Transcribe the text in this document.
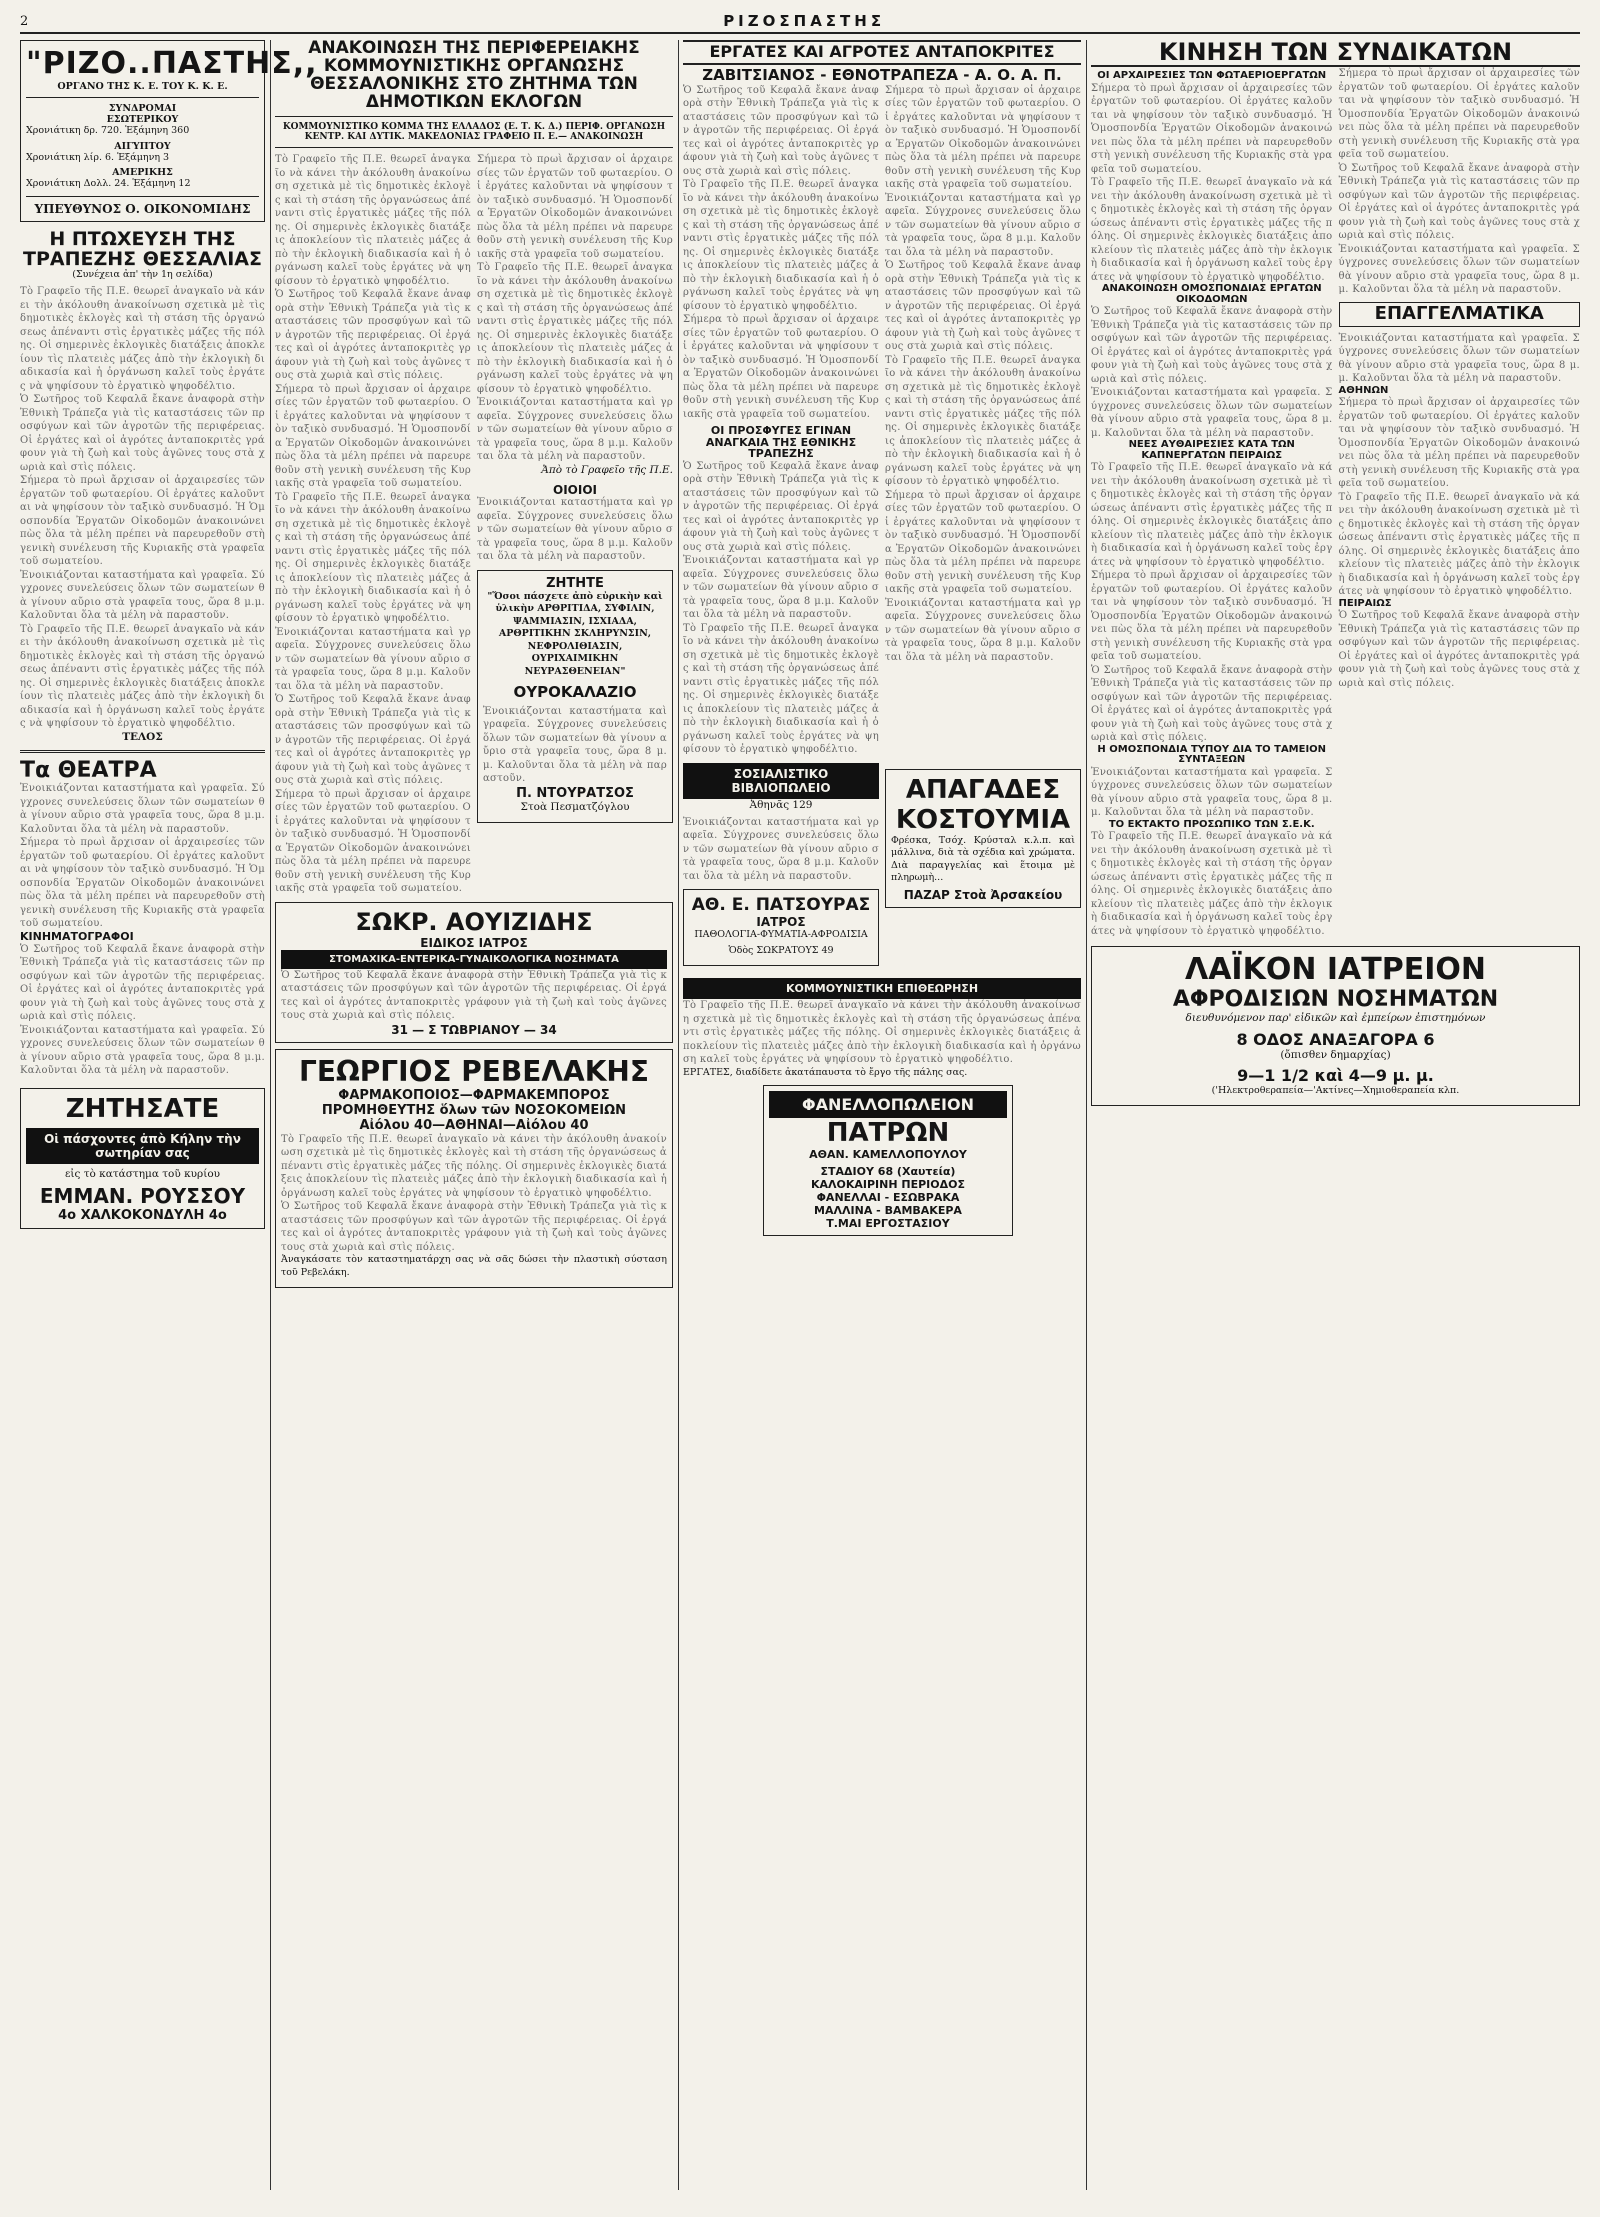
2	ΡΙΖΟΣΠΑΣΤΗΣ
"ΡΙΖΟ..ΠΑΣΤΗΣ,,
ΟΡΓΑΝΟ ΤΗΣ Κ. Ε. ΤΟΥ Κ. Κ. Ε.
ΣΥΝΔΡΟΜΑΙ
ΕΣΩΤΕΡΙΚΟΥ
Χρονιάτικη δρ. 720. Ἑξάμηνη 360
ΑΙΓΥΠΤΟΥ
Χρονιάτικη λίρ. 6. Ἑξάμηνη 3
ΑΜΕΡΙΚΗΣ
Χρονιάτικη Δολλ. 24. Ἑξάμηνη 12
ΥΠΕΥΘΥΝΟΣ Ο. ΟΙΚΟΝΟΜΙΔΗΣ
Η ΠΤΩΧΕΥΣΗ ΤΗΣ ΤΡΑΠΕΖΗΣ ΘΕΣΣΑΛΙΑΣ
(Συνέχεια ἀπ' τὴν 1η σελίδα)
Τὸ Γραφεῖο τῆς Π.Ε. θεωρεῖ ἀναγκαῖο νὰ κάνει τὴν ἀκόλουθη ἀνακοίνωση σχετικὰ μὲ τὶς δημοτικὲς ἐκλογὲς καὶ τὴ στάση τῆς ὀργανώσεως ἀπέναντι στὶς ἐργατικὲς μάζες τῆς πόλης. Οἱ σημερινὲς ἐκλογικὲς διατάξεις ἀποκλείουν τὶς πλατειὲς μάζες ἀπὸ τὴν ἐκλογικὴ διαδικασία καὶ ἡ ὀργάνωση καλεῖ τοὺς ἐργάτες νὰ ψηφίσουν τὸ ἐργατικὸ ψηφοδέλτιο.
Ὁ Σωτῆρος τοῦ Κεφαλᾶ ἔκανε ἀναφορὰ στὴν Ἐθνικὴ Τράπεζα γιὰ τὶς καταστάσεις τῶν προσφύγων καὶ τῶν ἀγροτῶν τῆς περιφέρειας. Οἱ ἐργάτες καὶ οἱ ἀγρότες ἀνταποκριτὲς γράφουν γιὰ τὴ ζωὴ καὶ τοὺς ἀγῶνες τους στὰ χωριὰ καὶ στὶς πόλεις.
Σήμερα τὸ πρωὶ ἄρχισαν οἱ ἀρχαιρεσίες τῶν ἐργατῶν τοῦ φωταερίου. Οἱ ἐργάτες καλοῦνται νὰ ψηφίσουν τὸν ταξικὸ συνδυασμό. Ἡ Ὁμοσπονδία Ἐργατῶν Οἰκοδομῶν ἀνακοινώνει πὼς ὅλα τὰ μέλη πρέπει νὰ παρευρεθοῦν στὴ γενικὴ συνέλευση τῆς Κυριακῆς στὰ γραφεῖα τοῦ σωματείου.
Ἐνοικιάζονται καταστήματα καὶ γραφεῖα. Σύγχρονες συνελεύσεις ὅλων τῶν σωματείων θὰ γίνουν αὔριο στὰ γραφεῖα τους, ὥρα 8 μ.μ. Καλοῦνται ὅλα τὰ μέλη νὰ παραστοῦν.
Τὸ Γραφεῖο τῆς Π.Ε. θεωρεῖ ἀναγκαῖο νὰ κάνει τὴν ἀκόλουθη ἀνακοίνωση σχετικὰ μὲ τὶς δημοτικὲς ἐκλογὲς καὶ τὴ στάση τῆς ὀργανώσεως ἀπέναντι στὶς ἐργατικὲς μάζες τῆς πόλης. Οἱ σημερινὲς ἐκλογικὲς διατάξεις ἀποκλείουν τὶς πλατειὲς μάζες ἀπὸ τὴν ἐκλογικὴ διαδικασία καὶ ἡ ὀργάνωση καλεῖ τοὺς ἐργάτες νὰ ψηφίσουν τὸ ἐργατικὸ ψηφοδέλτιο.
ΤΕΛΟΣ
Τα ΘΕΑΤΡΑ
Ἐνοικιάζονται καταστήματα καὶ γραφεῖα. Σύγχρονες συνελεύσεις ὅλων τῶν σωματείων θὰ γίνουν αὔριο στὰ γραφεῖα τους, ὥρα 8 μ.μ. Καλοῦνται ὅλα τὰ μέλη νὰ παραστοῦν.
Σήμερα τὸ πρωὶ ἄρχισαν οἱ ἀρχαιρεσίες τῶν ἐργατῶν τοῦ φωταερίου. Οἱ ἐργάτες καλοῦνται νὰ ψηφίσουν τὸν ταξικὸ συνδυασμό. Ἡ Ὁμοσπονδία Ἐργατῶν Οἰκοδομῶν ἀνακοινώνει πὼς ὅλα τὰ μέλη πρέπει νὰ παρευρεθοῦν στὴ γενικὴ συνέλευση τῆς Κυριακῆς στὰ γραφεῖα τοῦ σωματείου.
ΚΙΝΗΜΑΤΟΓΡΑΦΟΙ
Ὁ Σωτῆρος τοῦ Κεφαλᾶ ἔκανε ἀναφορὰ στὴν Ἐθνικὴ Τράπεζα γιὰ τὶς καταστάσεις τῶν προσφύγων καὶ τῶν ἀγροτῶν τῆς περιφέρειας. Οἱ ἐργάτες καὶ οἱ ἀγρότες ἀνταποκριτὲς γράφουν γιὰ τὴ ζωὴ καὶ τοὺς ἀγῶνες τους στὰ χωριὰ καὶ στὶς πόλεις.
Ἐνοικιάζονται καταστήματα καὶ γραφεῖα. Σύγχρονες συνελεύσεις ὅλων τῶν σωματείων θὰ γίνουν αὔριο στὰ γραφεῖα τους, ὥρα 8 μ.μ. Καλοῦνται ὅλα τὰ μέλη νὰ παραστοῦν.
ΖΗΤΗΣΑΤΕ
Οἱ πάσχοντες ἀπὸ Κήλην τὴν σωτηρίαν σας
εἰς τὸ κατάστημα τοῦ κυρίου
ΕΜΜΑΝ. ΡΟΥΣΣΟΥ
4ο ΧΑΛΚΟΚΟΝΔΥΛΗ 4ο
ΑΝΑΚΟΙΝΩΣΗ ΤΗΣ ΠΕΡΙΦΕΡΕΙΑΚΗΣ ΚΟΜΜΟΥΝΙΣΤΙΚΗΣ ΟΡΓΑΝΩΣΗΣ ΘΕΣΣΑΛΟΝΙΚΗΣ ΣΤΟ ΖΗΤΗΜΑ ΤΩΝ ΔΗΜΟΤΙΚΩΝ ΕΚΛΟΓΩΝ
ΚΟΜΜΟΥΝΙΣΤΙΚΟ ΚΟΜΜΑ ΤΗΣ ΕΛΛΑΔΟΣ (Ε. Τ. Κ. Δ.) ΠΕΡΙΦ. ΟΡΓΑΝΩΣΗ ΚΕΝΤΡ. ΚΑΙ ΔΥΤΙΚ. ΜΑΚΕΔΟΝΙΑΣ ΓΡΑΦΕΙΟ Π. Ε.— ΑΝΑΚΟΙΝΩΣΗ
Τὸ Γραφεῖο τῆς Π.Ε. θεωρεῖ ἀναγκαῖο νὰ κάνει τὴν ἀκόλουθη ἀνακοίνωση σχετικὰ μὲ τὶς δημοτικὲς ἐκλογὲς καὶ τὴ στάση τῆς ὀργανώσεως ἀπέναντι στὶς ἐργατικὲς μάζες τῆς πόλης. Οἱ σημερινὲς ἐκλογικὲς διατάξεις ἀποκλείουν τὶς πλατειὲς μάζες ἀπὸ τὴν ἐκλογικὴ διαδικασία καὶ ἡ ὀργάνωση καλεῖ τοὺς ἐργάτες νὰ ψηφίσουν τὸ ἐργατικὸ ψηφοδέλτιο.
Ὁ Σωτῆρος τοῦ Κεφαλᾶ ἔκανε ἀναφορὰ στὴν Ἐθνικὴ Τράπεζα γιὰ τὶς καταστάσεις τῶν προσφύγων καὶ τῶν ἀγροτῶν τῆς περιφέρειας. Οἱ ἐργάτες καὶ οἱ ἀγρότες ἀνταποκριτὲς γράφουν γιὰ τὴ ζωὴ καὶ τοὺς ἀγῶνες τους στὰ χωριὰ καὶ στὶς πόλεις.
Σήμερα τὸ πρωὶ ἄρχισαν οἱ ἀρχαιρεσίες τῶν ἐργατῶν τοῦ φωταερίου. Οἱ ἐργάτες καλοῦνται νὰ ψηφίσουν τὸν ταξικὸ συνδυασμό. Ἡ Ὁμοσπονδία Ἐργατῶν Οἰκοδομῶν ἀνακοινώνει πὼς ὅλα τὰ μέλη πρέπει νὰ παρευρεθοῦν στὴ γενικὴ συνέλευση τῆς Κυριακῆς στὰ γραφεῖα τοῦ σωματείου.
Τὸ Γραφεῖο τῆς Π.Ε. θεωρεῖ ἀναγκαῖο νὰ κάνει τὴν ἀκόλουθη ἀνακοίνωση σχετικὰ μὲ τὶς δημοτικὲς ἐκλογὲς καὶ τὴ στάση τῆς ὀργανώσεως ἀπέναντι στὶς ἐργατικὲς μάζες τῆς πόλης. Οἱ σημερινὲς ἐκλογικὲς διατάξεις ἀποκλείουν τὶς πλατειὲς μάζες ἀπὸ τὴν ἐκλογικὴ διαδικασία καὶ ἡ ὀργάνωση καλεῖ τοὺς ἐργάτες νὰ ψηφίσουν τὸ ἐργατικὸ ψηφοδέλτιο.
Ἐνοικιάζονται καταστήματα καὶ γραφεῖα. Σύγχρονες συνελεύσεις ὅλων τῶν σωματείων θὰ γίνουν αὔριο στὰ γραφεῖα τους, ὥρα 8 μ.μ. Καλοῦνται ὅλα τὰ μέλη νὰ παραστοῦν.
Ὁ Σωτῆρος τοῦ Κεφαλᾶ ἔκανε ἀναφορὰ στὴν Ἐθνικὴ Τράπεζα γιὰ τὶς καταστάσεις τῶν προσφύγων καὶ τῶν ἀγροτῶν τῆς περιφέρειας. Οἱ ἐργάτες καὶ οἱ ἀγρότες ἀνταποκριτὲς γράφουν γιὰ τὴ ζωὴ καὶ τοὺς ἀγῶνες τους στὰ χωριὰ καὶ στὶς πόλεις.
Σήμερα τὸ πρωὶ ἄρχισαν οἱ ἀρχαιρεσίες τῶν ἐργατῶν τοῦ φωταερίου. Οἱ ἐργάτες καλοῦνται νὰ ψηφίσουν τὸν ταξικὸ συνδυασμό. Ἡ Ὁμοσπονδία Ἐργατῶν Οἰκοδομῶν ἀνακοινώνει πὼς ὅλα τὰ μέλη πρέπει νὰ παρευρεθοῦν στὴ γενικὴ συνέλευση τῆς Κυριακῆς στὰ γραφεῖα τοῦ σωματείου.
Σήμερα τὸ πρωὶ ἄρχισαν οἱ ἀρχαιρεσίες τῶν ἐργατῶν τοῦ φωταερίου. Οἱ ἐργάτες καλοῦνται νὰ ψηφίσουν τὸν ταξικὸ συνδυασμό. Ἡ Ὁμοσπονδία Ἐργατῶν Οἰκοδομῶν ἀνακοινώνει πὼς ὅλα τὰ μέλη πρέπει νὰ παρευρεθοῦν στὴ γενικὴ συνέλευση τῆς Κυριακῆς στὰ γραφεῖα τοῦ σωματείου.
Τὸ Γραφεῖο τῆς Π.Ε. θεωρεῖ ἀναγκαῖο νὰ κάνει τὴν ἀκόλουθη ἀνακοίνωση σχετικὰ μὲ τὶς δημοτικὲς ἐκλογὲς καὶ τὴ στάση τῆς ὀργανώσεως ἀπέναντι στὶς ἐργατικὲς μάζες τῆς πόλης. Οἱ σημερινὲς ἐκλογικὲς διατάξεις ἀποκλείουν τὶς πλατειὲς μάζες ἀπὸ τὴν ἐκλογικὴ διαδικασία καὶ ἡ ὀργάνωση καλεῖ τοὺς ἐργάτες νὰ ψηφίσουν τὸ ἐργατικὸ ψηφοδέλτιο.
Ἐνοικιάζονται καταστήματα καὶ γραφεῖα. Σύγχρονες συνελεύσεις ὅλων τῶν σωματείων θὰ γίνουν αὔριο στὰ γραφεῖα τους, ὥρα 8 μ.μ. Καλοῦνται ὅλα τὰ μέλη νὰ παραστοῦν.
Ἀπὸ τὸ Γραφεῖο τῆς Π.Ε.
ΟΙΟΙΟΙ
Ἐνοικιάζονται καταστήματα καὶ γραφεῖα. Σύγχρονες συνελεύσεις ὅλων τῶν σωματείων θὰ γίνουν αὔριο στὰ γραφεῖα τους, ὥρα 8 μ.μ. Καλοῦνται ὅλα τὰ μέλη νὰ παραστοῦν.
ΖΗΤΗΤΕ
"Ὅσοι πάσχετε ἀπὸ εὐρικὴν καὶ ὑλικὴν ΑΡΘΡΙΤΙΔΑ, ΣΥΦΙΛΙΝ, ΨΑΜΜΙΑΣΙΝ, ΙΣΧΙΑΔΑ, ΑΡΘΡΙΤΙΚΗΝ ΣΚΛΗΡΥΝΣΙΝ, ΝΕΦΡΟΛΙΘΙΑΣΙΝ, ΟΥΡΙΧΑΙΜΙΚΗΝ ΝΕΥΡΑΣΘΕΝΕΙΑΝ"
ΟΥΡΟΚΑΛΑΖΙΟ
Ἐνοικιάζονται καταστήματα καὶ γραφεῖα. Σύγχρονες συνελεύσεις ὅλων τῶν σωματείων θὰ γίνουν αὔριο στὰ γραφεῖα τους, ὥρα 8 μ.μ. Καλοῦνται ὅλα τὰ μέλη νὰ παραστοῦν.
Π. ΝΤΟΥΡΑΤΣΟΣ
Στοὰ Πεσματζόγλου
ΣΩΚΡ. ΑΟΥΙΖΙΔΗΣ
ΕΙΔΙΚΟΣ ΙΑΤΡΟΣ
ΣΤΟΜΑΧΙΚΑ-ΕΝΤΕΡΙΚΑ-ΓΥΝΑΙΚΟΛΟΓΙΚΑ ΝΟΣΗΜΑΤΑ
Ὁ Σωτῆρος τοῦ Κεφαλᾶ ἔκανε ἀναφορὰ στὴν Ἐθνικὴ Τράπεζα γιὰ τὶς καταστάσεις τῶν προσφύγων καὶ τῶν ἀγροτῶν τῆς περιφέρειας. Οἱ ἐργάτες καὶ οἱ ἀγρότες ἀνταποκριτὲς γράφουν γιὰ τὴ ζωὴ καὶ τοὺς ἀγῶνες τους στὰ χωριὰ καὶ στὶς πόλεις.
31 — Σ ΤΩΒΡΙΑΝΟΥ — 34
ΓΕΩΡΓΙΟΣ ΡΕΒΕΛΑΚΗΣ
ΦΑΡΜΑΚΟΠΟΙΟΣ—ΦΑΡΜΑΚΕΜΠΟΡΟΣ
ΠΡΟΜΗΘΕΥΤΗΣ ὅλων τῶν ΝΟΣΟΚΟΜΕΙΩΝ
Αἰόλου 40—ΑΘΗΝΑΙ—Αἰόλου 40
Τὸ Γραφεῖο τῆς Π.Ε. θεωρεῖ ἀναγκαῖο νὰ κάνει τὴν ἀκόλουθη ἀνακοίνωση σχετικὰ μὲ τὶς δημοτικὲς ἐκλογὲς καὶ τὴ στάση τῆς ὀργανώσεως ἀπέναντι στὶς ἐργατικὲς μάζες τῆς πόλης. Οἱ σημερινὲς ἐκλογικὲς διατάξεις ἀποκλείουν τὶς πλατειὲς μάζες ἀπὸ τὴν ἐκλογικὴ διαδικασία καὶ ἡ ὀργάνωση καλεῖ τοὺς ἐργάτες νὰ ψηφίσουν τὸ ἐργατικὸ ψηφοδέλτιο.
Ὁ Σωτῆρος τοῦ Κεφαλᾶ ἔκανε ἀναφορὰ στὴν Ἐθνικὴ Τράπεζα γιὰ τὶς καταστάσεις τῶν προσφύγων καὶ τῶν ἀγροτῶν τῆς περιφέρειας. Οἱ ἐργάτες καὶ οἱ ἀγρότες ἀνταποκριτὲς γράφουν γιὰ τὴ ζωὴ καὶ τοὺς ἀγῶνες τους στὰ χωριὰ καὶ στὶς πόλεις.
Ἀναγκάσατε τὸν καταστηματάρχη σας νὰ σᾶς δώσει τὴν πλαστικὴ σύσταση τοῦ Ρεβελάκη.
ΕΡΓΑΤΕΣ ΚΑΙ ΑΓΡΟΤΕΣ ΑΝΤΑΠΟΚΡΙΤΕΣ
ΖΑΒΙΤΣΙΑΝΟΣ - ΕΘΝΟΤΡΑΠΕΖΑ - Α. Ο. Α. Π.
Ὁ Σωτῆρος τοῦ Κεφαλᾶ ἔκανε ἀναφορὰ στὴν Ἐθνικὴ Τράπεζα γιὰ τὶς καταστάσεις τῶν προσφύγων καὶ τῶν ἀγροτῶν τῆς περιφέρειας. Οἱ ἐργάτες καὶ οἱ ἀγρότες ἀνταποκριτὲς γράφουν γιὰ τὴ ζωὴ καὶ τοὺς ἀγῶνες τους στὰ χωριὰ καὶ στὶς πόλεις.
Τὸ Γραφεῖο τῆς Π.Ε. θεωρεῖ ἀναγκαῖο νὰ κάνει τὴν ἀκόλουθη ἀνακοίνωση σχετικὰ μὲ τὶς δημοτικὲς ἐκλογὲς καὶ τὴ στάση τῆς ὀργανώσεως ἀπέναντι στὶς ἐργατικὲς μάζες τῆς πόλης. Οἱ σημερινὲς ἐκλογικὲς διατάξεις ἀποκλείουν τὶς πλατειὲς μάζες ἀπὸ τὴν ἐκλογικὴ διαδικασία καὶ ἡ ὀργάνωση καλεῖ τοὺς ἐργάτες νὰ ψηφίσουν τὸ ἐργατικὸ ψηφοδέλτιο.
Σήμερα τὸ πρωὶ ἄρχισαν οἱ ἀρχαιρεσίες τῶν ἐργατῶν τοῦ φωταερίου. Οἱ ἐργάτες καλοῦνται νὰ ψηφίσουν τὸν ταξικὸ συνδυασμό. Ἡ Ὁμοσπονδία Ἐργατῶν Οἰκοδομῶν ἀνακοινώνει πὼς ὅλα τὰ μέλη πρέπει νὰ παρευρεθοῦν στὴ γενικὴ συνέλευση τῆς Κυριακῆς στὰ γραφεῖα τοῦ σωματείου.
ΟΙ ΠΡΟΣΦΥΓΕΣ ΕΓΙΝΑΝ ΑΝΑΓΚΑΙΑ ΤΗΣ ΕΘΝΙΚΗΣ ΤΡΑΠΕΖΗΣ
Ὁ Σωτῆρος τοῦ Κεφαλᾶ ἔκανε ἀναφορὰ στὴν Ἐθνικὴ Τράπεζα γιὰ τὶς καταστάσεις τῶν προσφύγων καὶ τῶν ἀγροτῶν τῆς περιφέρειας. Οἱ ἐργάτες καὶ οἱ ἀγρότες ἀνταποκριτὲς γράφουν γιὰ τὴ ζωὴ καὶ τοὺς ἀγῶνες τους στὰ χωριὰ καὶ στὶς πόλεις.
Ἐνοικιάζονται καταστήματα καὶ γραφεῖα. Σύγχρονες συνελεύσεις ὅλων τῶν σωματείων θὰ γίνουν αὔριο στὰ γραφεῖα τους, ὥρα 8 μ.μ. Καλοῦνται ὅλα τὰ μέλη νὰ παραστοῦν.
Τὸ Γραφεῖο τῆς Π.Ε. θεωρεῖ ἀναγκαῖο νὰ κάνει τὴν ἀκόλουθη ἀνακοίνωση σχετικὰ μὲ τὶς δημοτικὲς ἐκλογὲς καὶ τὴ στάση τῆς ὀργανώσεως ἀπέναντι στὶς ἐργατικὲς μάζες τῆς πόλης. Οἱ σημερινὲς ἐκλογικὲς διατάξεις ἀποκλείουν τὶς πλατειὲς μάζες ἀπὸ τὴν ἐκλογικὴ διαδικασία καὶ ἡ ὀργάνωση καλεῖ τοὺς ἐργάτες νὰ ψηφίσουν τὸ ἐργατικὸ ψηφοδέλτιο.
Σήμερα τὸ πρωὶ ἄρχισαν οἱ ἀρχαιρεσίες τῶν ἐργατῶν τοῦ φωταερίου. Οἱ ἐργάτες καλοῦνται νὰ ψηφίσουν τὸν ταξικὸ συνδυασμό. Ἡ Ὁμοσπονδία Ἐργατῶν Οἰκοδομῶν ἀνακοινώνει πὼς ὅλα τὰ μέλη πρέπει νὰ παρευρεθοῦν στὴ γενικὴ συνέλευση τῆς Κυριακῆς στὰ γραφεῖα τοῦ σωματείου.
Ἐνοικιάζονται καταστήματα καὶ γραφεῖα. Σύγχρονες συνελεύσεις ὅλων τῶν σωματείων θὰ γίνουν αὔριο στὰ γραφεῖα τους, ὥρα 8 μ.μ. Καλοῦνται ὅλα τὰ μέλη νὰ παραστοῦν.
Ὁ Σωτῆρος τοῦ Κεφαλᾶ ἔκανε ἀναφορὰ στὴν Ἐθνικὴ Τράπεζα γιὰ τὶς καταστάσεις τῶν προσφύγων καὶ τῶν ἀγροτῶν τῆς περιφέρειας. Οἱ ἐργάτες καὶ οἱ ἀγρότες ἀνταποκριτὲς γράφουν γιὰ τὴ ζωὴ καὶ τοὺς ἀγῶνες τους στὰ χωριὰ καὶ στὶς πόλεις.
Τὸ Γραφεῖο τῆς Π.Ε. θεωρεῖ ἀναγκαῖο νὰ κάνει τὴν ἀκόλουθη ἀνακοίνωση σχετικὰ μὲ τὶς δημοτικὲς ἐκλογὲς καὶ τὴ στάση τῆς ὀργανώσεως ἀπέναντι στὶς ἐργατικὲς μάζες τῆς πόλης. Οἱ σημερινὲς ἐκλογικὲς διατάξεις ἀποκλείουν τὶς πλατειὲς μάζες ἀπὸ τὴν ἐκλογικὴ διαδικασία καὶ ἡ ὀργάνωση καλεῖ τοὺς ἐργάτες νὰ ψηφίσουν τὸ ἐργατικὸ ψηφοδέλτιο.
Σήμερα τὸ πρωὶ ἄρχισαν οἱ ἀρχαιρεσίες τῶν ἐργατῶν τοῦ φωταερίου. Οἱ ἐργάτες καλοῦνται νὰ ψηφίσουν τὸν ταξικὸ συνδυασμό. Ἡ Ὁμοσπονδία Ἐργατῶν Οἰκοδομῶν ἀνακοινώνει πὼς ὅλα τὰ μέλη πρέπει νὰ παρευρεθοῦν στὴ γενικὴ συνέλευση τῆς Κυριακῆς στὰ γραφεῖα τοῦ σωματείου.
Ἐνοικιάζονται καταστήματα καὶ γραφεῖα. Σύγχρονες συνελεύσεις ὅλων τῶν σωματείων θὰ γίνουν αὔριο στὰ γραφεῖα τους, ὥρα 8 μ.μ. Καλοῦνται ὅλα τὰ μέλη νὰ παραστοῦν.
ΣΟΣΙΑΛΙΣΤΙΚΟ ΒΙΒΛΙΟΠΩΛΕΙΟ
Ἀθηνᾶς 129
Ἐνοικιάζονται καταστήματα καὶ γραφεῖα. Σύγχρονες συνελεύσεις ὅλων τῶν σωματείων θὰ γίνουν αὔριο στὰ γραφεῖα τους, ὥρα 8 μ.μ. Καλοῦνται ὅλα τὰ μέλη νὰ παραστοῦν.
ΑΘ. Ε. ΠΑΤΣΟΥΡΑΣ
ΙΑΤΡΟΣ
ΠΑΘΟΛΟΓΙΑ-ΦΥΜΑΤΙΑ-ΑΦΡΟΔΙΣΙΑ
Ὁδὸς ΣΩΚΡΑΤΟΥΣ 49
ΑΠΑΓΑΔΕΣ
ΚΟΣΤΟΥΜΙΑ
Φρέσκα, Τσόχ. Κρύσταλ κ.λ.π. καὶ μάλλινα, διὰ τὰ σχέδια καὶ χρώματα. Διὰ παραγγελίας καὶ ἕτοιμα μὲ πληρωμὴ...
ΠΑΖΑΡ Στοὰ Ἀρσακείου
ΚΟΜΜΟΥΝΙΣΤΙΚΗ ΕΠΙΘΕΩΡΗΣΗ
Τὸ Γραφεῖο τῆς Π.Ε. θεωρεῖ ἀναγκαῖο νὰ κάνει τὴν ἀκόλουθη ἀνακοίνωση σχετικὰ μὲ τὶς δημοτικὲς ἐκλογὲς καὶ τὴ στάση τῆς ὀργανώσεως ἀπέναντι στὶς ἐργατικὲς μάζες τῆς πόλης. Οἱ σημερινὲς ἐκλογικὲς διατάξεις ἀποκλείουν τὶς πλατειὲς μάζες ἀπὸ τὴν ἐκλογικὴ διαδικασία καὶ ἡ ὀργάνωση καλεῖ τοὺς ἐργάτες νὰ ψηφίσουν τὸ ἐργατικὸ ψηφοδέλτιο.
ΕΡΓΑΤΕΣ, διαδίδετε ἀκατάπαυστα τὸ ἔργο τῆς πάλης σας.
ΦΑΝΕΛΛΟΠΩΛΕΙΟΝ
ΠΑΤΡΩΝ
ΑΘΑΝ. ΚΑΜΕΛΛΟΠΟΥΛΟΥ
ΣΤΑΔΙΟΥ 68 (Χαυτεία)
ΚΑΛΟΚΑΙΡΙΝΗ ΠΕΡΙΟΔΟΣ
ΦΑΝΕΛΛΑΙ - ΕΣΩΒΡΑΚΑ
ΜΑΛΛΙΝΑ - ΒΑΜΒΑΚΕΡΑ
Τ.ΜΑΙ ΕΡΓΟΣΤΑΣΙΟΥ
ΚΙΝΗΣΗ ΤΩΝ ΣΥΝΔΙΚΑΤΩΝ
ΟΙ ΑΡΧΑΙΡΕΣΙΕΣ ΤΩΝ ΦΩΤΑΕΡΙΟΕΡΓΑΤΩΝ
Σήμερα τὸ πρωὶ ἄρχισαν οἱ ἀρχαιρεσίες τῶν ἐργατῶν τοῦ φωταερίου. Οἱ ἐργάτες καλοῦνται νὰ ψηφίσουν τὸν ταξικὸ συνδυασμό. Ἡ Ὁμοσπονδία Ἐργατῶν Οἰκοδομῶν ἀνακοινώνει πὼς ὅλα τὰ μέλη πρέπει νὰ παρευρεθοῦν στὴ γενικὴ συνέλευση τῆς Κυριακῆς στὰ γραφεῖα τοῦ σωματείου.
Τὸ Γραφεῖο τῆς Π.Ε. θεωρεῖ ἀναγκαῖο νὰ κάνει τὴν ἀκόλουθη ἀνακοίνωση σχετικὰ μὲ τὶς δημοτικὲς ἐκλογὲς καὶ τὴ στάση τῆς ὀργανώσεως ἀπέναντι στὶς ἐργατικὲς μάζες τῆς πόλης. Οἱ σημερινὲς ἐκλογικὲς διατάξεις ἀποκλείουν τὶς πλατειὲς μάζες ἀπὸ τὴν ἐκλογικὴ διαδικασία καὶ ἡ ὀργάνωση καλεῖ τοὺς ἐργάτες νὰ ψηφίσουν τὸ ἐργατικὸ ψηφοδέλτιο.
ΑΝΑΚΟΙΝΩΣΗ ΟΜΟΣΠΟΝΔΙΑΣ ΕΡΓΑΤΩΝ ΟΙΚΟΔΟΜΩΝ
Ὁ Σωτῆρος τοῦ Κεφαλᾶ ἔκανε ἀναφορὰ στὴν Ἐθνικὴ Τράπεζα γιὰ τὶς καταστάσεις τῶν προσφύγων καὶ τῶν ἀγροτῶν τῆς περιφέρειας. Οἱ ἐργάτες καὶ οἱ ἀγρότες ἀνταποκριτὲς γράφουν γιὰ τὴ ζωὴ καὶ τοὺς ἀγῶνες τους στὰ χωριὰ καὶ στὶς πόλεις.
Ἐνοικιάζονται καταστήματα καὶ γραφεῖα. Σύγχρονες συνελεύσεις ὅλων τῶν σωματείων θὰ γίνουν αὔριο στὰ γραφεῖα τους, ὥρα 8 μ.μ. Καλοῦνται ὅλα τὰ μέλη νὰ παραστοῦν.
ΝΕΕΣ ΑΥΘΑΙΡΕΣΙΕΣ ΚΑΤΑ ΤΩΝ ΚΑΠΝΕΡΓΑΤΩΝ ΠΕΙΡΑΙΩΣ
Τὸ Γραφεῖο τῆς Π.Ε. θεωρεῖ ἀναγκαῖο νὰ κάνει τὴν ἀκόλουθη ἀνακοίνωση σχετικὰ μὲ τὶς δημοτικὲς ἐκλογὲς καὶ τὴ στάση τῆς ὀργανώσεως ἀπέναντι στὶς ἐργατικὲς μάζες τῆς πόλης. Οἱ σημερινὲς ἐκλογικὲς διατάξεις ἀποκλείουν τὶς πλατειὲς μάζες ἀπὸ τὴν ἐκλογικὴ διαδικασία καὶ ἡ ὀργάνωση καλεῖ τοὺς ἐργάτες νὰ ψηφίσουν τὸ ἐργατικὸ ψηφοδέλτιο.
Σήμερα τὸ πρωὶ ἄρχισαν οἱ ἀρχαιρεσίες τῶν ἐργατῶν τοῦ φωταερίου. Οἱ ἐργάτες καλοῦνται νὰ ψηφίσουν τὸν ταξικὸ συνδυασμό. Ἡ Ὁμοσπονδία Ἐργατῶν Οἰκοδομῶν ἀνακοινώνει πὼς ὅλα τὰ μέλη πρέπει νὰ παρευρεθοῦν στὴ γενικὴ συνέλευση τῆς Κυριακῆς στὰ γραφεῖα τοῦ σωματείου.
Ὁ Σωτῆρος τοῦ Κεφαλᾶ ἔκανε ἀναφορὰ στὴν Ἐθνικὴ Τράπεζα γιὰ τὶς καταστάσεις τῶν προσφύγων καὶ τῶν ἀγροτῶν τῆς περιφέρειας. Οἱ ἐργάτες καὶ οἱ ἀγρότες ἀνταποκριτὲς γράφουν γιὰ τὴ ζωὴ καὶ τοὺς ἀγῶνες τους στὰ χωριὰ καὶ στὶς πόλεις.
Η ΟΜΟΣΠΟΝΔΙΑ ΤΥΠΟΥ ΔΙΑ ΤΟ ΤΑΜΕΙΟΝ ΣΥΝΤΑΞΕΩΝ
Ἐνοικιάζονται καταστήματα καὶ γραφεῖα. Σύγχρονες συνελεύσεις ὅλων τῶν σωματείων θὰ γίνουν αὔριο στὰ γραφεῖα τους, ὥρα 8 μ.μ. Καλοῦνται ὅλα τὰ μέλη νὰ παραστοῦν.
ΤΟ ΕΚΤΑΚΤΟ ΠΡΟΣΩΠΙΚΟ ΤΩΝ Σ.Ε.Κ.
Τὸ Γραφεῖο τῆς Π.Ε. θεωρεῖ ἀναγκαῖο νὰ κάνει τὴν ἀκόλουθη ἀνακοίνωση σχετικὰ μὲ τὶς δημοτικὲς ἐκλογὲς καὶ τὴ στάση τῆς ὀργανώσεως ἀπέναντι στὶς ἐργατικὲς μάζες τῆς πόλης. Οἱ σημερινὲς ἐκλογικὲς διατάξεις ἀποκλείουν τὶς πλατειὲς μάζες ἀπὸ τὴν ἐκλογικὴ διαδικασία καὶ ἡ ὀργάνωση καλεῖ τοὺς ἐργάτες νὰ ψηφίσουν τὸ ἐργατικὸ ψηφοδέλτιο.
Σήμερα τὸ πρωὶ ἄρχισαν οἱ ἀρχαιρεσίες τῶν ἐργατῶν τοῦ φωταερίου. Οἱ ἐργάτες καλοῦνται νὰ ψηφίσουν τὸν ταξικὸ συνδυασμό. Ἡ Ὁμοσπονδία Ἐργατῶν Οἰκοδομῶν ἀνακοινώνει πὼς ὅλα τὰ μέλη πρέπει νὰ παρευρεθοῦν στὴ γενικὴ συνέλευση τῆς Κυριακῆς στὰ γραφεῖα τοῦ σωματείου.
Ὁ Σωτῆρος τοῦ Κεφαλᾶ ἔκανε ἀναφορὰ στὴν Ἐθνικὴ Τράπεζα γιὰ τὶς καταστάσεις τῶν προσφύγων καὶ τῶν ἀγροτῶν τῆς περιφέρειας. Οἱ ἐργάτες καὶ οἱ ἀγρότες ἀνταποκριτὲς γράφουν γιὰ τὴ ζωὴ καὶ τοὺς ἀγῶνες τους στὰ χωριὰ καὶ στὶς πόλεις.
Ἐνοικιάζονται καταστήματα καὶ γραφεῖα. Σύγχρονες συνελεύσεις ὅλων τῶν σωματείων θὰ γίνουν αὔριο στὰ γραφεῖα τους, ὥρα 8 μ.μ. Καλοῦνται ὅλα τὰ μέλη νὰ παραστοῦν.
ΕΠΑΓΓΕΛΜΑΤΙΚΑ
Ἐνοικιάζονται καταστήματα καὶ γραφεῖα. Σύγχρονες συνελεύσεις ὅλων τῶν σωματείων θὰ γίνουν αὔριο στὰ γραφεῖα τους, ὥρα 8 μ.μ. Καλοῦνται ὅλα τὰ μέλη νὰ παραστοῦν.
ΑΘΗΝΩΝ
Σήμερα τὸ πρωὶ ἄρχισαν οἱ ἀρχαιρεσίες τῶν ἐργατῶν τοῦ φωταερίου. Οἱ ἐργάτες καλοῦνται νὰ ψηφίσουν τὸν ταξικὸ συνδυασμό. Ἡ Ὁμοσπονδία Ἐργατῶν Οἰκοδομῶν ἀνακοινώνει πὼς ὅλα τὰ μέλη πρέπει νὰ παρευρεθοῦν στὴ γενικὴ συνέλευση τῆς Κυριακῆς στὰ γραφεῖα τοῦ σωματείου.
Τὸ Γραφεῖο τῆς Π.Ε. θεωρεῖ ἀναγκαῖο νὰ κάνει τὴν ἀκόλουθη ἀνακοίνωση σχετικὰ μὲ τὶς δημοτικὲς ἐκλογὲς καὶ τὴ στάση τῆς ὀργανώσεως ἀπέναντι στὶς ἐργατικὲς μάζες τῆς πόλης. Οἱ σημερινὲς ἐκλογικὲς διατάξεις ἀποκλείουν τὶς πλατειὲς μάζες ἀπὸ τὴν ἐκλογικὴ διαδικασία καὶ ἡ ὀργάνωση καλεῖ τοὺς ἐργάτες νὰ ψηφίσουν τὸ ἐργατικὸ ψηφοδέλτιο.
ΠΕΙΡΑΙΩΣ
Ὁ Σωτῆρος τοῦ Κεφαλᾶ ἔκανε ἀναφορὰ στὴν Ἐθνικὴ Τράπεζα γιὰ τὶς καταστάσεις τῶν προσφύγων καὶ τῶν ἀγροτῶν τῆς περιφέρειας. Οἱ ἐργάτες καὶ οἱ ἀγρότες ἀνταποκριτὲς γράφουν γιὰ τὴ ζωὴ καὶ τοὺς ἀγῶνες τους στὰ χωριὰ καὶ στὶς πόλεις.
ΛΑΪΚΟΝ ΙΑΤΡΕΙΟΝ
ΑΦΡΟΔΙΣΙΩΝ ΝΟΣΗΜΑΤΩΝ
διευθυνόμενον παρ' εἰδικῶν καὶ ἐμπείρων ἐπιστημόνων
8 ΟΔΟΣ ΑΝΑΞΑΓΟΡΑ 6
(ὄπισθεν δημαρχίας)
9—1 1/2 καὶ 4—9 μ. μ.
('Ηλεκτροθεραπεία—'Ακτίνες—Χημιοθεραπεία κλπ.
